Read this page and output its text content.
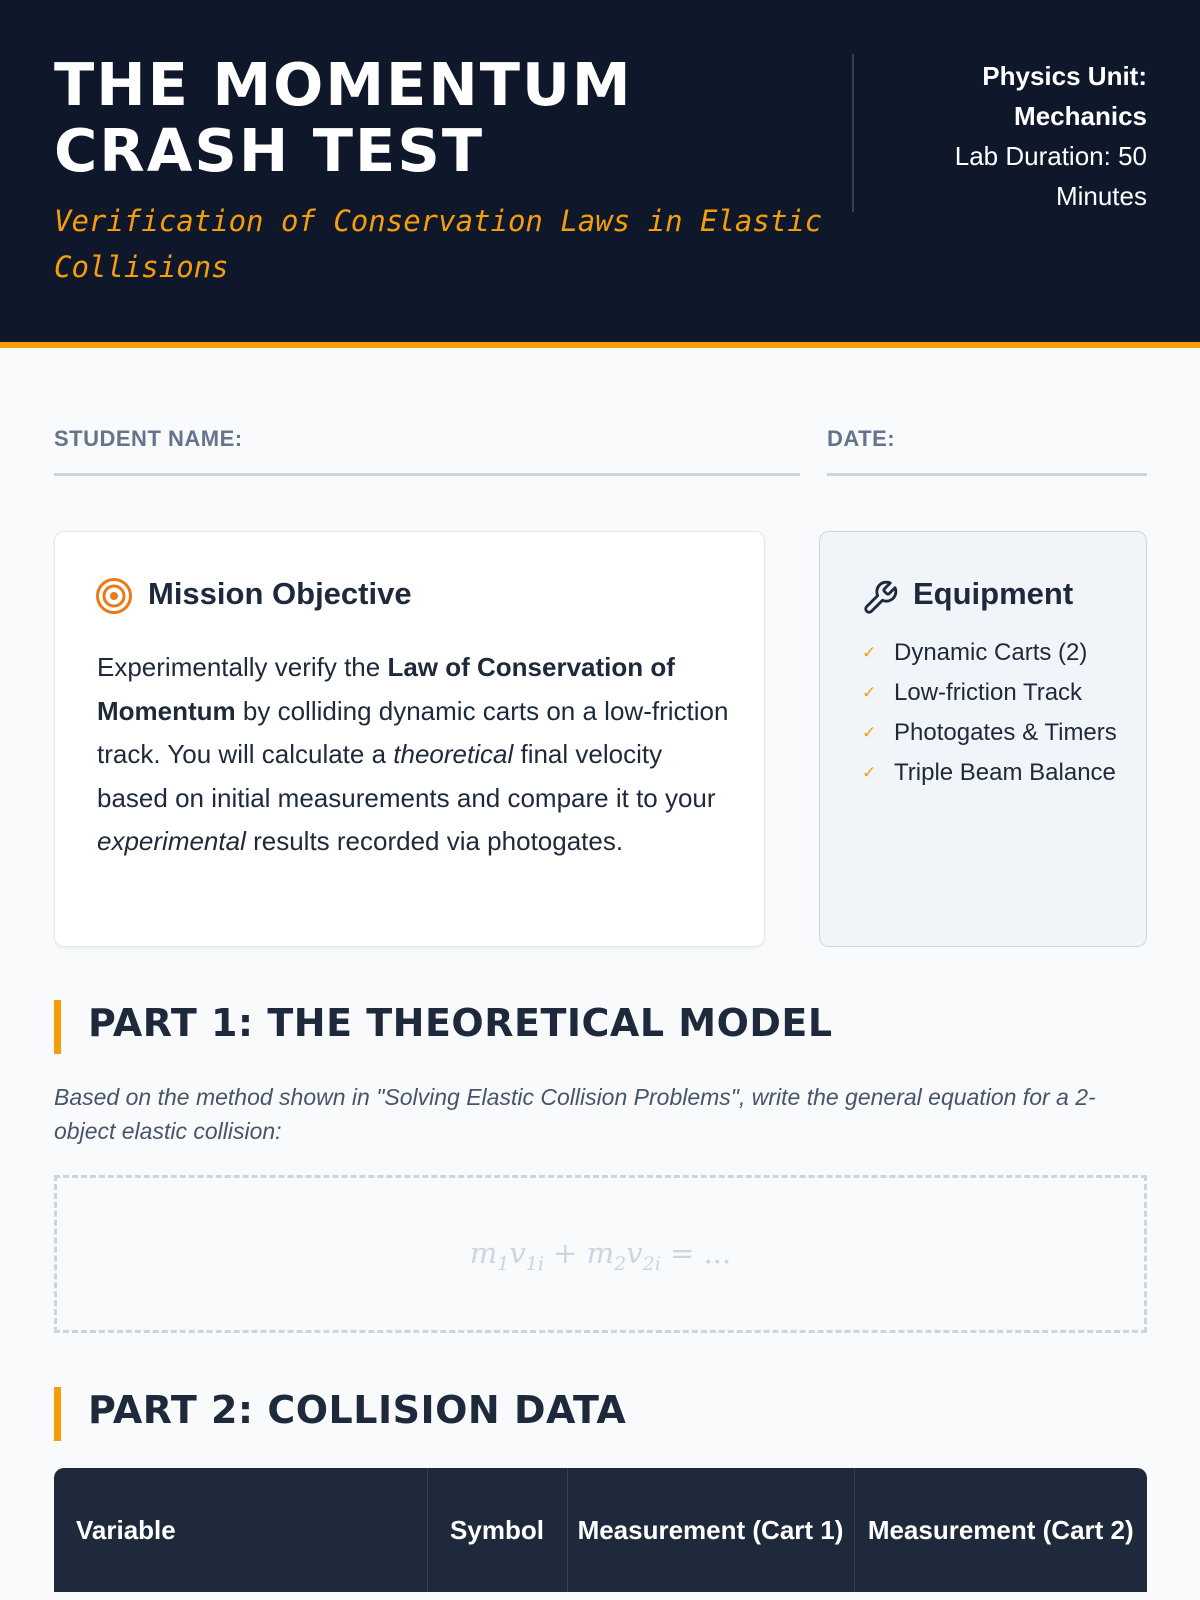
THE MOMENTUM
CRASH TEST
Verification of Conservation Laws in Elastic Collisions
Physics Unit:
Mechanics
Lab Duration: 50
Minutes
STUDENT NAME:	DATE:
Mission Objective

Experimentally verify the Law of Conservation of Momentum by colliding dynamic carts on a low-friction track. You will calculate a theoretical final velocity based on initial measurements and compare it to your experimental results recorded via photogates.

Equipment
✓ Dynamic Carts (2)
✓ Low-friction Track
✓ Photogates & Timers
✓ Triple Beam Balance
PART 1: THE THEORETICAL MODEL

Based on the method shown in "Solving Elastic Collision Problems", write the general equation for a 2-object elastic collision:

$m_1v_{1i} + m_2v_{2i}$ = ...
PART 2: COLLISION DATA
Variable	Symbol	Measurement (Cart 1)	Measurement (Cart 2)
